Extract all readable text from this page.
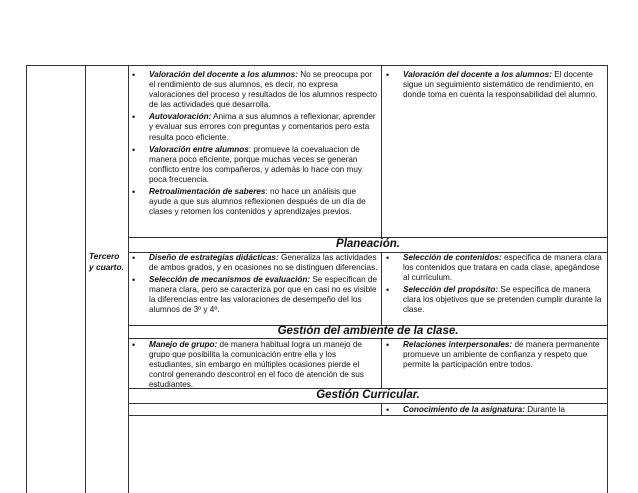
Tercero
y cuarto.
• Valoración del docente a los alumnos: No se preocupa por el rendimiento de sus alumnos, es decir, no expresa valoraciones del proceso y resultados de los alumnos respecto de las actividades que desarrolla.
• Autovaloración: Anima a sus alumnos a reflexionar, aprender y evaluar sus errores con preguntas y comentarios pero esta resulta poco eficiente.
• Valoración entre alumnos: promueve la coevaluacion de manera poco eficiente, porque muchas veces se generan conflicto entre los compañeros, y además lo hace con muy poca frecuencia.
• Retroalimentación de saberes: no hace un análisis que ayude a que sus alumnos reflexionen después de un día de clases y retomen los contenidos y aprendizajes previos.
• Valoración del docente a los alumnos: El docente sigue un seguimiento sistemático de rendimiento, en donde toma en cuenta la responsabilidad del alumno.
Planeación.
• Diseño de estrategias didácticas: Generaliza las actividades de ambos grados, y en ocasiones no se distinguen diferencias.
• Selección de mecanismos de evaluación: Se especifican de manera clara, pero se caracteriza por que en casi no es visible la diferencias entre las valoraciones de desempeño del los alumnos de 3º y 4º.
• Selección de contenidos: especifica de manera clara los contenidos que tratara en cada clase, apegándose al currículum.
• Selección del propósito: Se especifica de manera clara los objetivos que se pretenden cumplir durante la clase.
Gestión del ambiente de la clase.
• Manejo de grupo: de manera habitual logra un manejo de grupo que posibilita la comunicación entre ella y los estudiantes, sin embargo en múltiples ocasiones pierde el control generando descontrol en el foco de atención de sus estudiantes.
• Relaciones interpersonales: de manera permanente promueve un ambiente de confianza y respeto que permite la participación entre todos.
Gestión Curricular.
• Conocimiento de la asignatura: Durante la
